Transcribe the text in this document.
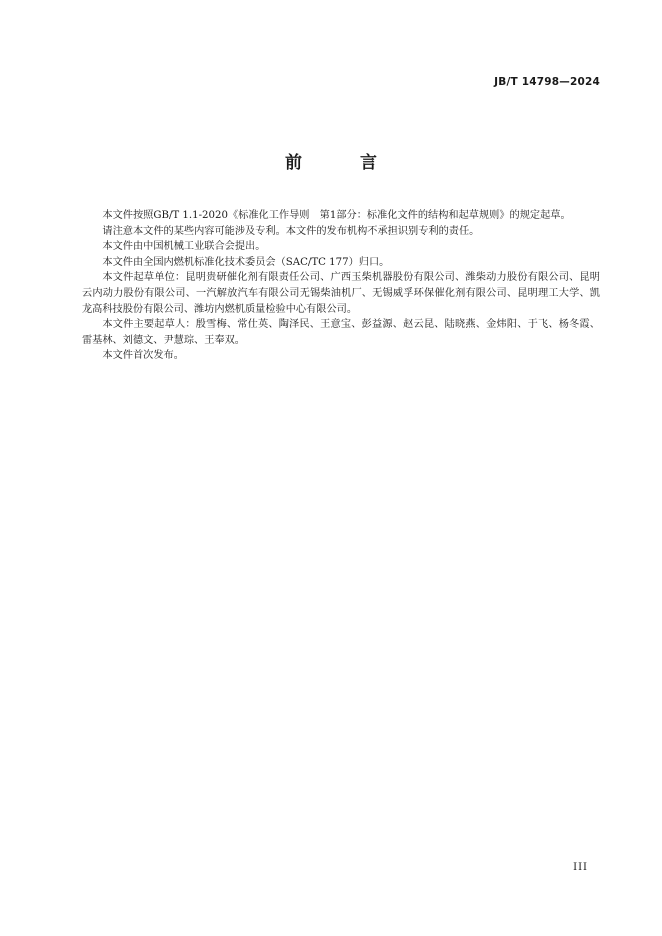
JB/T 14798—2024
前	言

本文件按照GB/T 1.1-2020《标准化工作导则　第1部分：标准化文件的结构和起草规则》的规定起草。

请注意本文件的某些内容可能涉及专利。本文件的发布机构不承担识别专利的责任。

本文件由中国机械工业联合会提出。

本文件由全国内燃机标准化技术委员会（SAC/TC 177）归口。

本文件起草单位：昆明贵研催化剂有限责任公司、广西玉柴机器股份有限公司、潍柴动力股份有限公司、昆明云内动力股份有限公司、一汽解放汽车有限公司无锡柴油机厂、无锡威孚环保催化剂有限公司、昆明理工大学、凯龙高科技股份有限公司、潍坊内燃机质量检验中心有限公司。

本文件主要起草人：殷雪梅、常仕英、陶泽民、王意宝、彭益源、赵云昆、陆晓燕、金炜阳、于飞、杨冬霞、雷基林、刘德文、尹慧琮、王奉双。

本文件首次发布。

III
